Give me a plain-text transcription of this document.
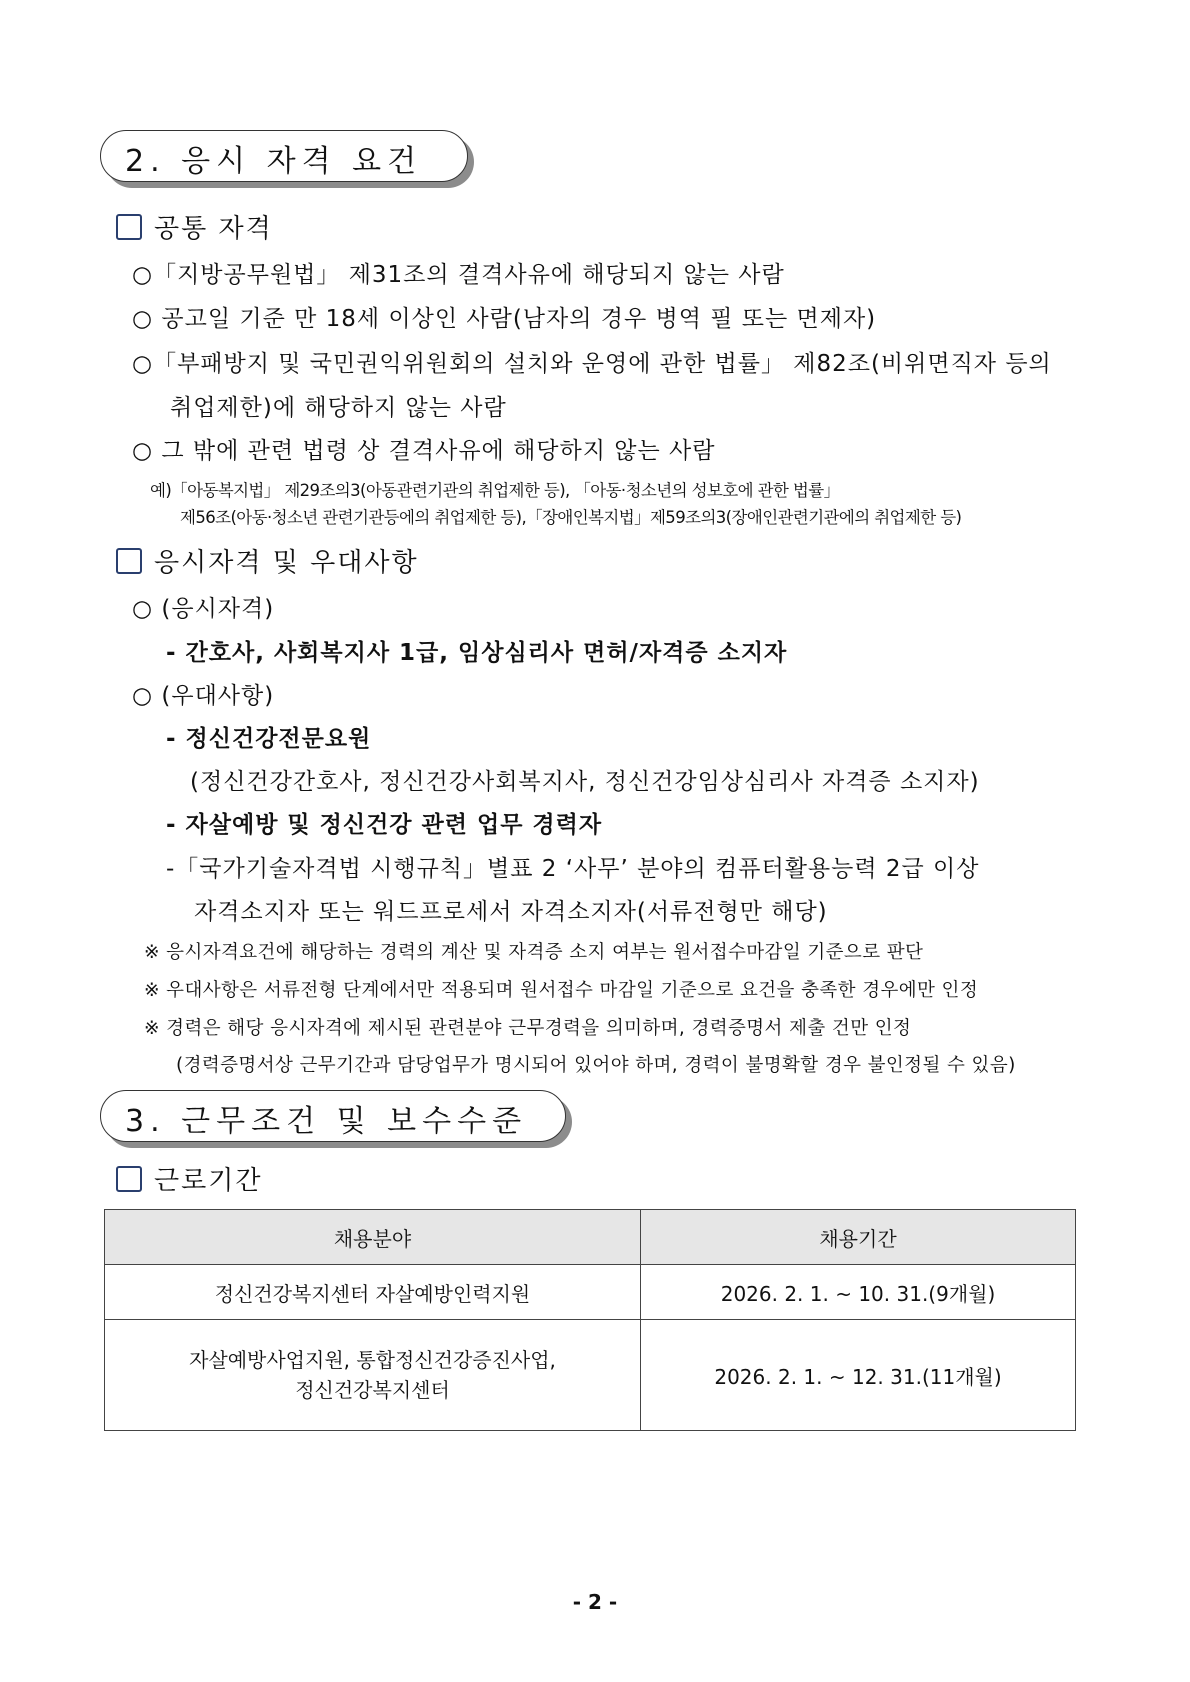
2. 응시 자격 요건
공통 자격
○「지방공무원법」 제31조의 결격사유에 해당되지 않는 사람
○ 공고일 기준 만 18세 이상인 사람(남자의 경우 병역 필 또는 면제자)
○「부패방지 및 국민권익위원회의 설치와 운영에 관한 법률」 제82조(비위면직자 등의
취업제한)에 해당하지 않는 사람
○ 그 밖에 관련 법령 상 결격사유에 해당하지 않는 사람
예)「아동복지법」 제29조의3(아동관련기관의 취업제한 등), 「아동·청소년의 성보호에 관한 법률」
제56조(아동·청소년 관련기관등에의 취업제한 등),「장애인복지법」제59조의3(장애인관련기관에의 취업제한 등)
응시자격 및 우대사항
○ (응시자격)
- 간호사, 사회복지사 1급, 임상심리사 면허/자격증 소지자
○ (우대사항)
- 정신건강전문요원
(정신건강간호사, 정신건강사회복지사, 정신건강임상심리사 자격증 소지자)
- 자살예방 및 정신건강 관련 업무 경력자
-「국가기술자격법 시행규칙」별표 2 ‘사무’ 분야의 컴퓨터활용능력 2급 이상
자격소지자 또는 워드프로세서 자격소지자(서류전형만 해당)
※ 응시자격요건에 해당하는 경력의 계산 및 자격증 소지 여부는 원서접수마감일 기준으로 판단
※ 우대사항은 서류전형 단계에서만 적용되며 원서접수 마감일 기준으로 요건을 충족한 경우에만 인정
※ 경력은 해당 응시자격에 제시된 관련분야 근무경력을 의미하며, 경력증명서 제출 건만 인정
(경력증명서상 근무기간과 담당업무가 명시되어 있어야 하며, 경력이 불명확할 경우 불인정될 수 있음)
3. 근무조건 및 보수수준
근로기간
채용분야	채용기간
정신건강복지센터 자살예방인력지원	2026. 2. 1. ~ 10. 31.(9개월)

자살예방사업지원, 통합정신건강증진사업,
정신건강복지센터	2026. 2. 1. ~ 12. 31.(11개월)
- 2 -
